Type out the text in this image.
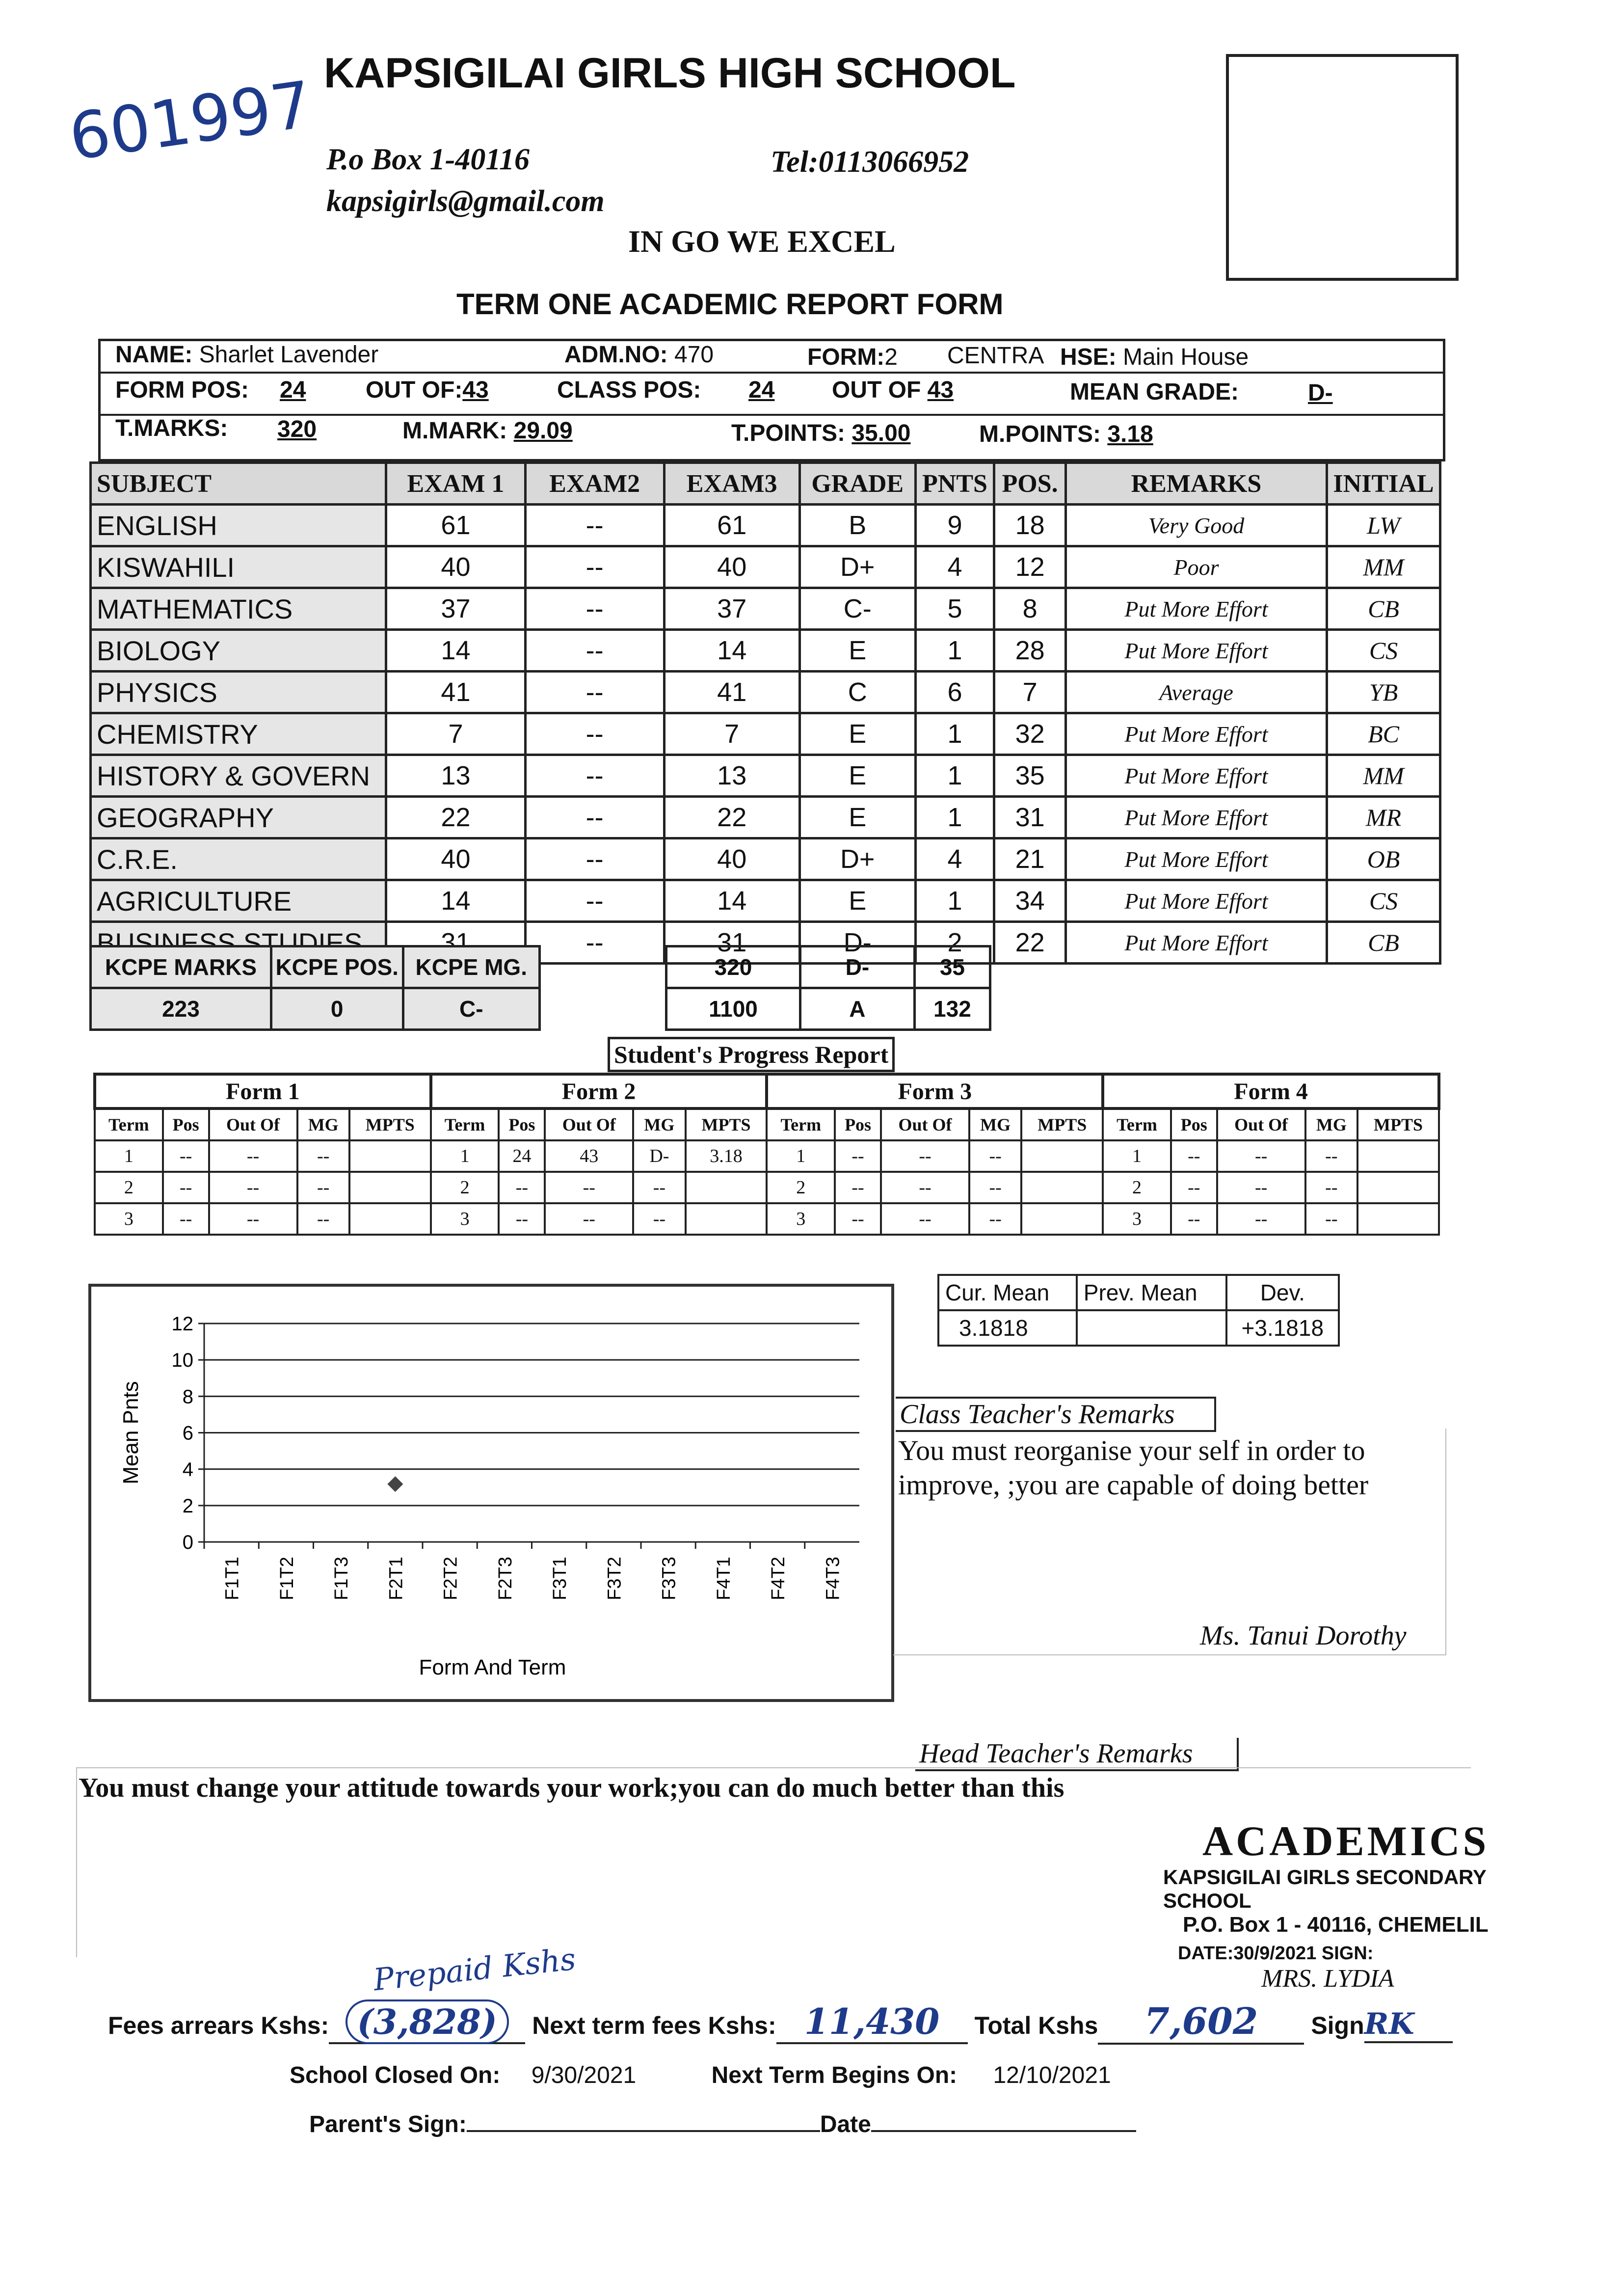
601997 KAPSIGILAI GIRLS HIGH SCHOOL
P.o Box 1-40116	Tel:0113066952
kapsigirls@gmail.com
IN GO WE EXCEL
TERM ONE ACADEMIC REPORT FORM
NAME: Sharlet Lavender	ADM.NO: 470	FORM:2 CENTRA HSE: Main House
FORM POS: 24	OUT OF:43	CLASS POS: 24 OUT OF 43	MEAN GRADE:	D-
T.MARKS: 320	M.MARK: 29.09	T.POINTS: 35.00	M.POINTS: 3.18
SUBJECT	EXAM 1	EXAM2	EXAM3	GRADE	PNTS	POS.	REMARKS	INITIAL
ENGLISH	61	--	61	B	9	18	Very Good	LW
KISWAHILI	40	--	40	D+	4	12	Poor	MM
MATHEMATICS	37	--	37	C-	5	8	Put More Effort	CB
BIOLOGY	14	--	14	E	1	28	Put More Effort	CS
PHYSICS	41	--	41	C	6	7	Average	YB
CHEMISTRY	7	--	7	E	1	32	Put More Effort	BC
HISTORY & GOVERN	13	--	13	E	1	35	Put More Effort	MM
GEOGRAPHY	22	--	22	E	1	31	Put More Effort	MR
C.R.E.	40	--	40	D+	4	21	Put More Effort	OB
AGRICULTURE	14	--	14	E	1	34	Put More Effort	CS
BUSINESS STUDIES	31	--	31	D-	2	22	Put More Effort	CB
KCPE MARKS	KCPE POS.	KCPE MG.
223	0	C-
320	D-	35
1100	A	132
Student's Progress Report
Form 1					Form 2					Form 3					Form 4				
Term	Pos	Out Of	MG	MPTS	Term	Pos	Out Of	MG	MPTS	Term	Pos	Out Of	MG	MPTS	Term	Pos	Out Of	MG	MPTS
1	--	--	--		1	24	43	D-	3.18	1	--	--	--		1	--	--	--	
2	--	--	--		2	--	--	--		2	--	--	--		2	--	--	--	
3	--	--	--		3	--	--	--		3	--	--	--		3	--	--	--	
0
2
4
6
8
10
12
F1T1 F1T2 F1T3 F2T1 F2T2 F2T3 F3T1 F3T2 F3T3 F4T1 F4T2 F4T3
Form And Term
Mean Pnts
Cur. Mean	Prev. Mean	Dev.
3.1818		+3.1818
Class Teacher's Remarks
You must reorganise your self in order to improve, ;you are capable of doing better
Ms. Tanui Dorothy
Head Teacher's Remarks
You must change your attitude towards your work;you can do much better than this
ACADEMICS
KAPSIGILAI GIRLS SECONDARY SCHOOL
P.O. Box 1 - 40116, CHEMELIL
DATE:30/9/2021 SIGN:
MRS. LYDIA
Prepaid Kshs
Fees arrears Kshs: (3,828) Next term fees Kshs: 11,430 Total Kshs 7,602 SignRK
School Closed On: 9/30/2021	Next Term Begins On: 12/10/2021
Parent's Sign:	Date
